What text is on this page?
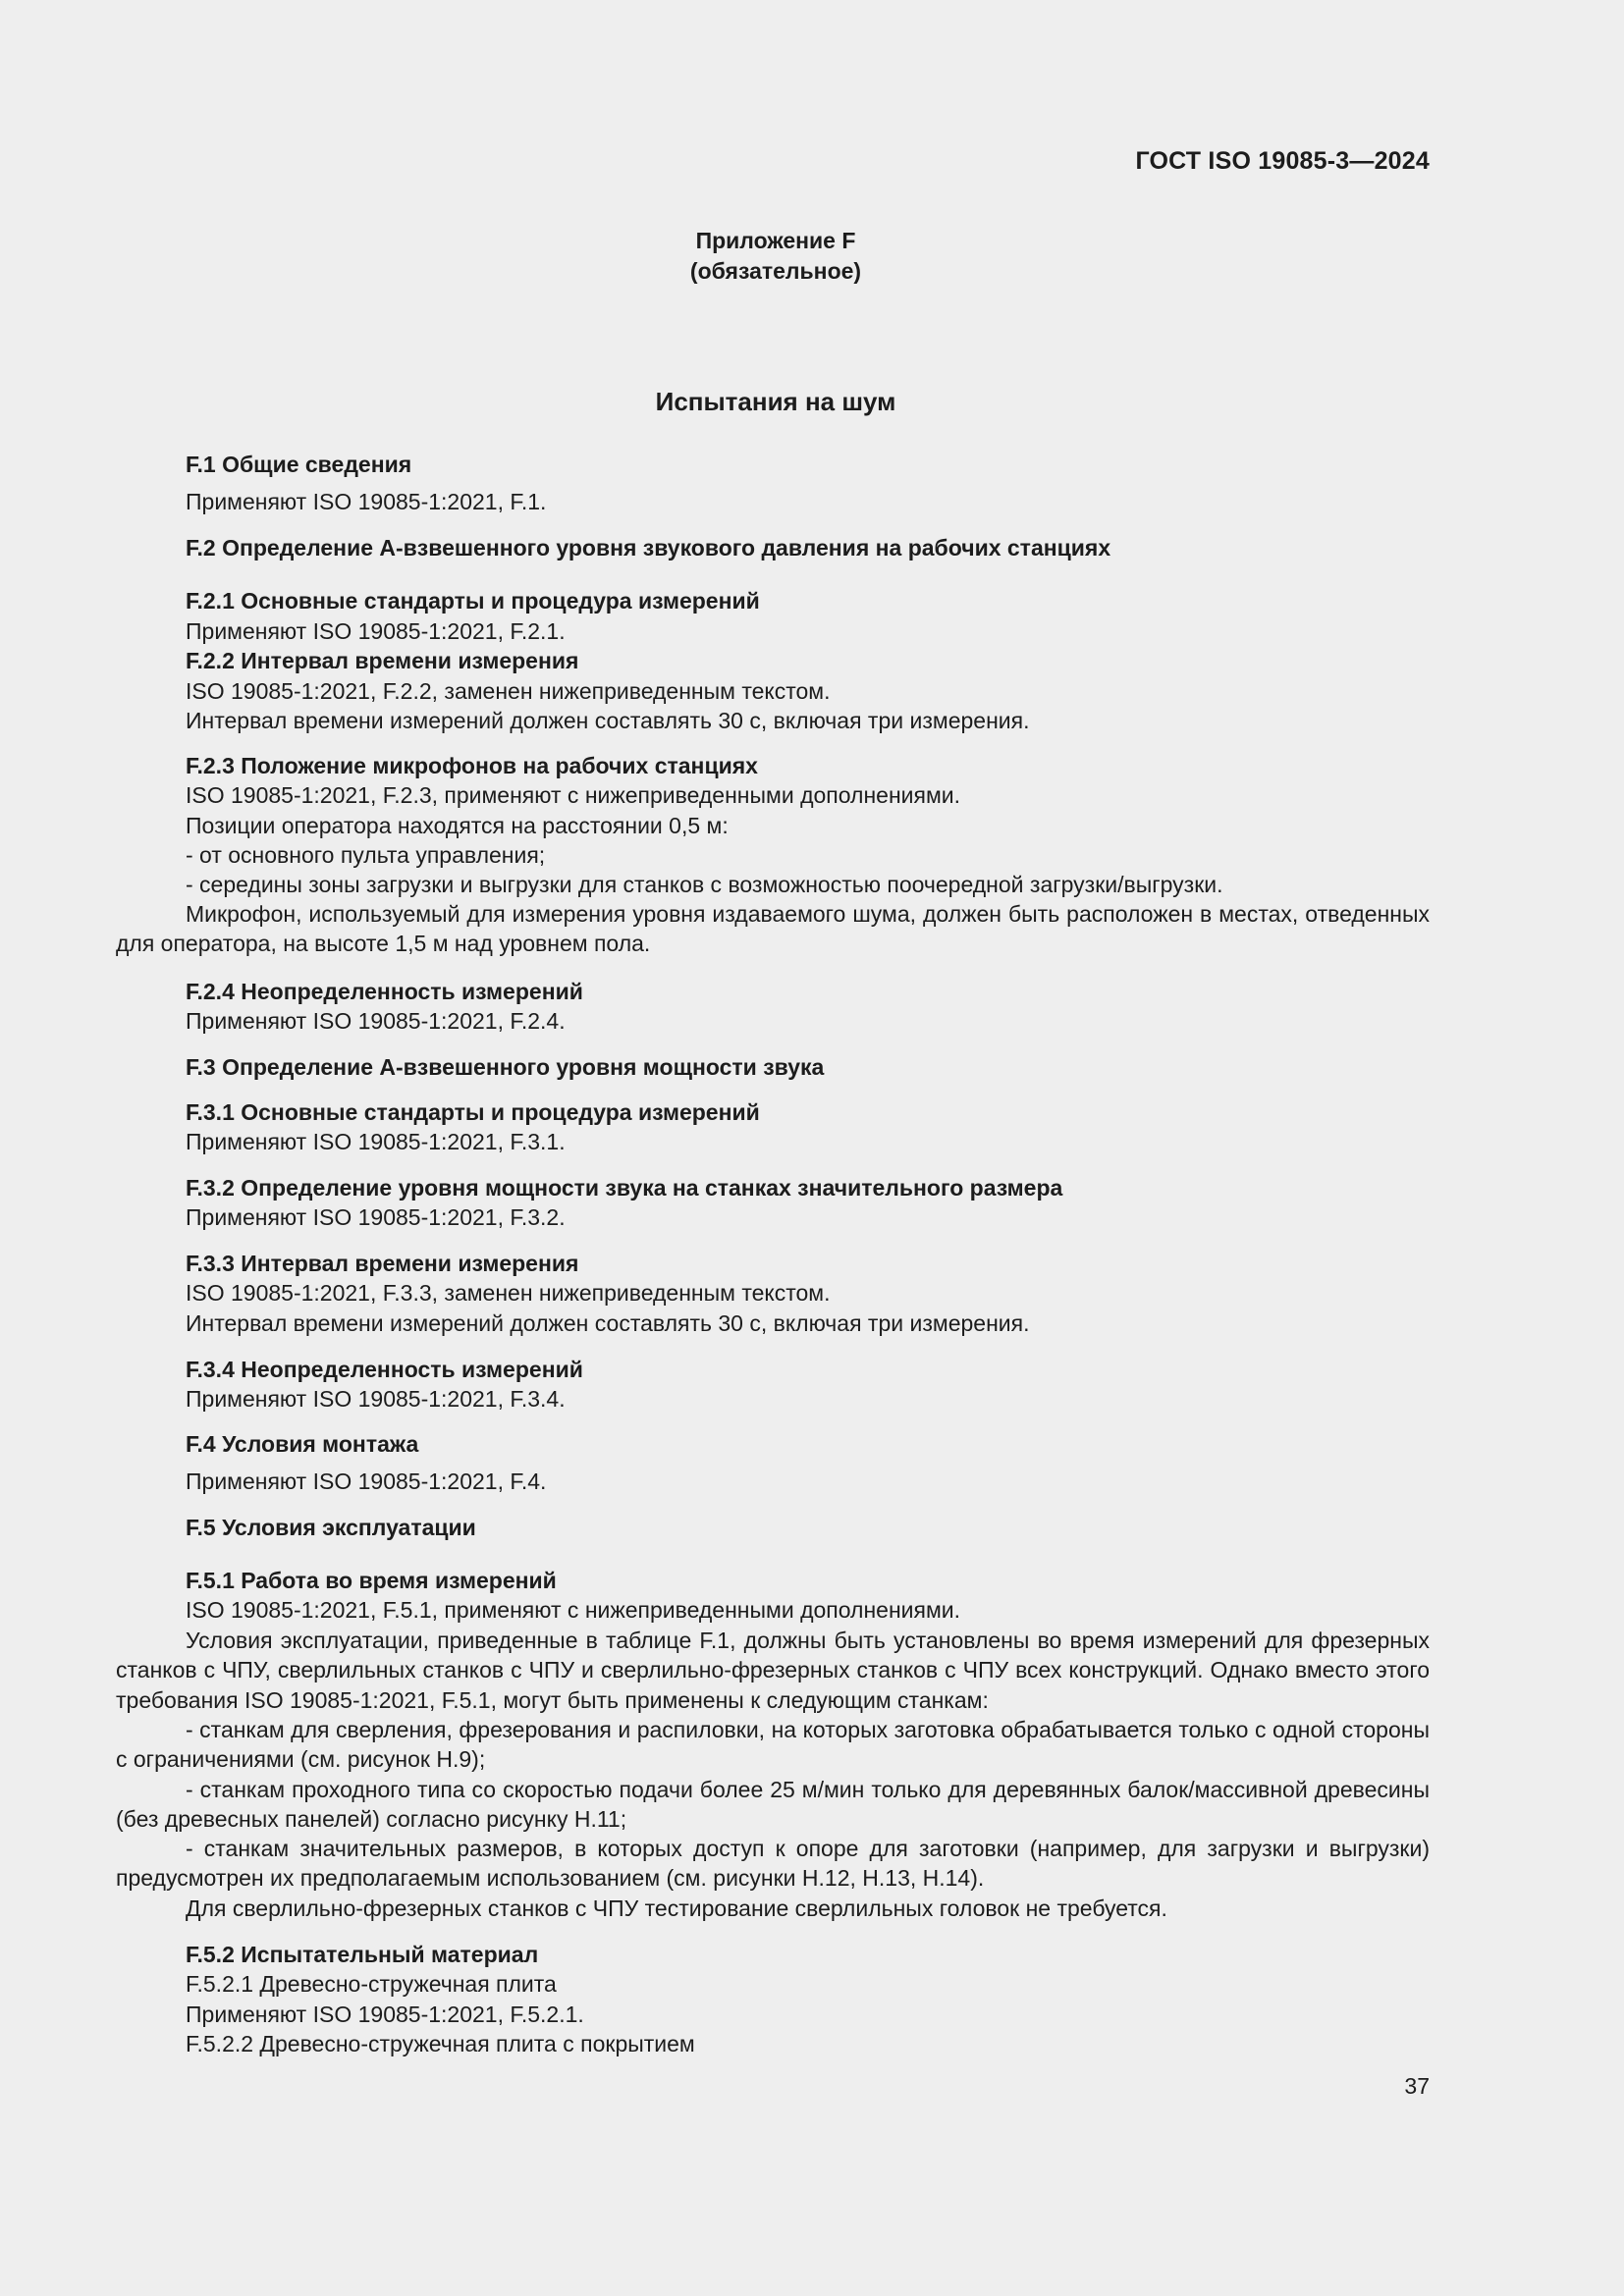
ГОСТ ISO 19085-3—2024
Приложение F
(обязательное)
Испытания на шум
F.1 Общие сведения
Применяют ISO 19085-1:2021, F.1.
F.2 Определение А-взвешенного уровня звукового давления на рабочих станциях
F.2.1 Основные стандарты и процедура измерений
Применяют ISO 19085-1:2021, F.2.1.
F.2.2 Интервал времени измерения
ISO 19085-1:2021, F.2.2, заменен нижеприведенным текстом.
Интервал времени измерений должен составлять 30 с, включая три измерения.
F.2.3 Положение микрофонов на рабочих станциях
ISO 19085-1:2021, F.2.3, применяют с нижеприведенными дополнениями.
Позиции оператора находятся на расстоянии 0,5 м:
- от основного пульта управления;
- середины зоны загрузки и выгрузки для станков с возможностью поочередной загрузки/выгрузки.
Микрофон, используемый для измерения уровня издаваемого шума, должен быть расположен в местах, отведенных для оператора, на высоте 1,5 м над уровнем пола.
F.2.4 Неопределенность измерений
Применяют ISO 19085-1:2021, F.2.4.
F.3 Определение А-взвешенного уровня мощности звука
F.3.1 Основные стандарты и процедура измерений
Применяют ISO 19085-1:2021, F.3.1.
F.3.2 Определение уровня мощности звука на станках значительного размера
Применяют ISO 19085-1:2021, F.3.2.
F.3.3 Интервал времени измерения
ISO 19085-1:2021, F.3.3, заменен нижеприведенным текстом.
Интервал времени измерений должен составлять 30 с, включая три измерения.
F.3.4 Неопределенность измерений
Применяют ISO 19085-1:2021, F.3.4.
F.4 Условия монтажа
Применяют ISO 19085-1:2021, F.4.
F.5 Условия эксплуатации
F.5.1 Работа во время измерений
ISO 19085-1:2021, F.5.1, применяют с нижеприведенными дополнениями.
Условия эксплуатации, приведенные в таблице F.1, должны быть установлены во время измерений для фрезерных станков с ЧПУ, сверлильных станков с ЧПУ и сверлильно-фрезерных станков с ЧПУ всех конструкций. Однако вместо этого требования ISO 19085-1:2021, F.5.1, могут быть применены к следующим станкам:
- станкам для сверления, фрезерования и распиловки, на которых заготовка обрабатывается только с одной стороны с ограничениями (см. рисунок Н.9);
- станкам проходного типа со скоростью подачи более 25 м/мин только для деревянных балок/массивной древесины (без древесных панелей) согласно рисунку Н.11;
- станкам значительных размеров, в которых доступ к опоре для заготовки (например, для загрузки и выгрузки) предусмотрен их предполагаемым использованием (см. рисунки Н.12, Н.13, Н.14).
Для сверлильно-фрезерных станков с ЧПУ тестирование сверлильных головок не требуется.
F.5.2 Испытательный материал
F.5.2.1 Древесно-стружечная плита
Применяют ISO 19085-1:2021, F.5.2.1.
F.5.2.2 Древесно-стружечная плита с покрытием
37
